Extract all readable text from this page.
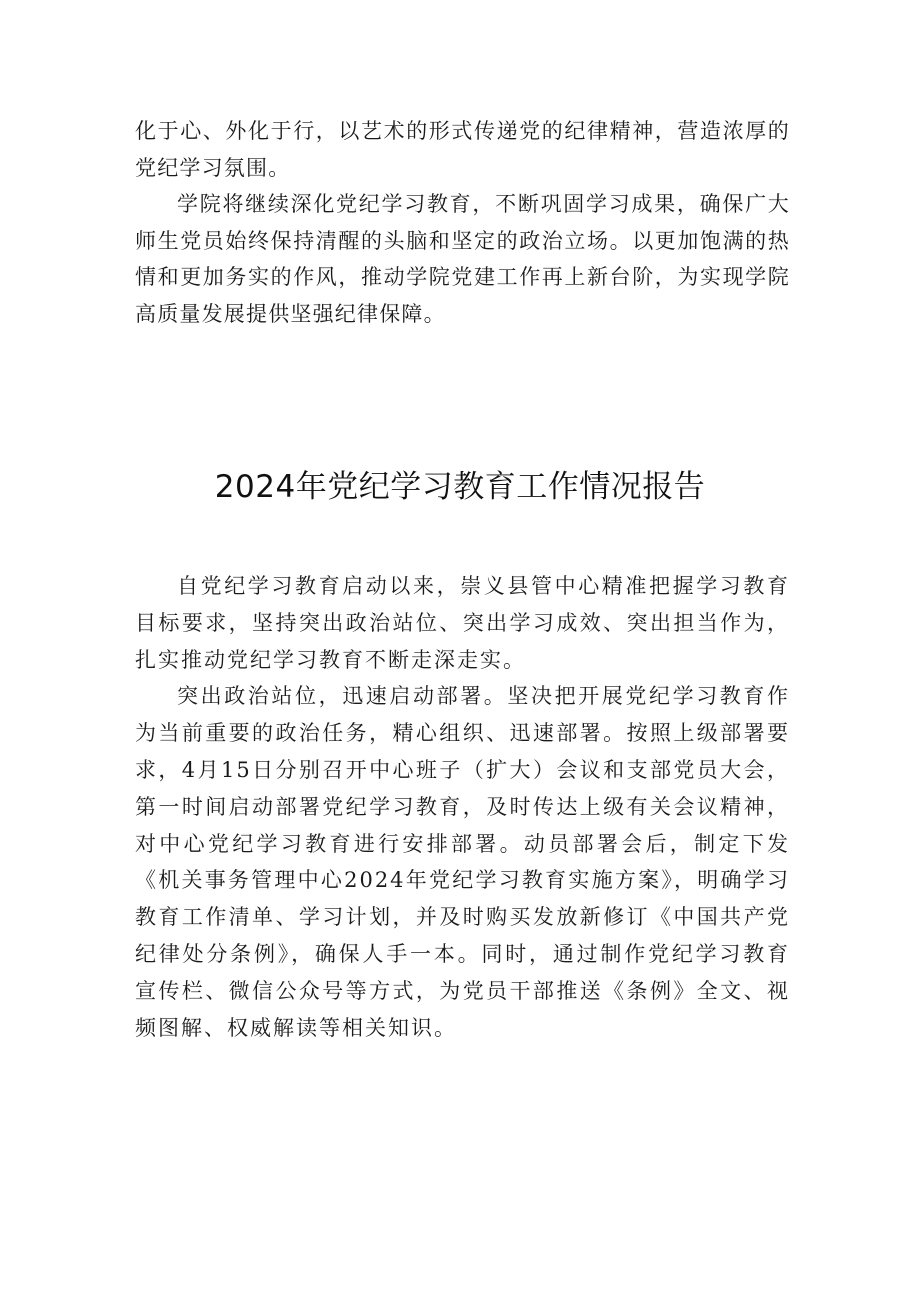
化于心、外化于行，以艺术的形式传递党的纪律精神，营造浓厚的党纪学习氛围。

学院将继续深化党纪学习教育，不断巩固学习成果，确保广大师生党员始终保持清醒的头脑和坚定的政治立场。以更加饱满的热情和更加务实的作风，推动学院党建工作再上新台阶，为实现学院高质量发展提供坚强纪律保障。

2024年党纪学习教育工作情况报告

自党纪学习教育启动以来，崇义县管中心精准把握学习教育目标要求，坚持突出政治站位、突出学习成效、突出担当作为，扎实推动党纪学习教育不断走深走实。

突出政治站位，迅速启动部署。坚决把开展党纪学习教育作为当前重要的政治任务，精心组织、迅速部署。按照上级部署要求，4月15日分别召开中心班子（扩大）会议和支部党员大会，第一时间启动部署党纪学习教育，及时传达上级有关会议精神，对中心党纪学习教育进行安排部署。动员部署会后，制定下发《机关事务管理中心2024年党纪学习教育实施方案》，明确学习教育工作清单、学习计划，并及时购买发放新修订《中国共产党纪律处分条例》，确保人手一本。同时，通过制作党纪学习教育宣传栏、微信公众号等方式，为党员干部推送《条例》全文、视频图解、权威解读等相关知识。
